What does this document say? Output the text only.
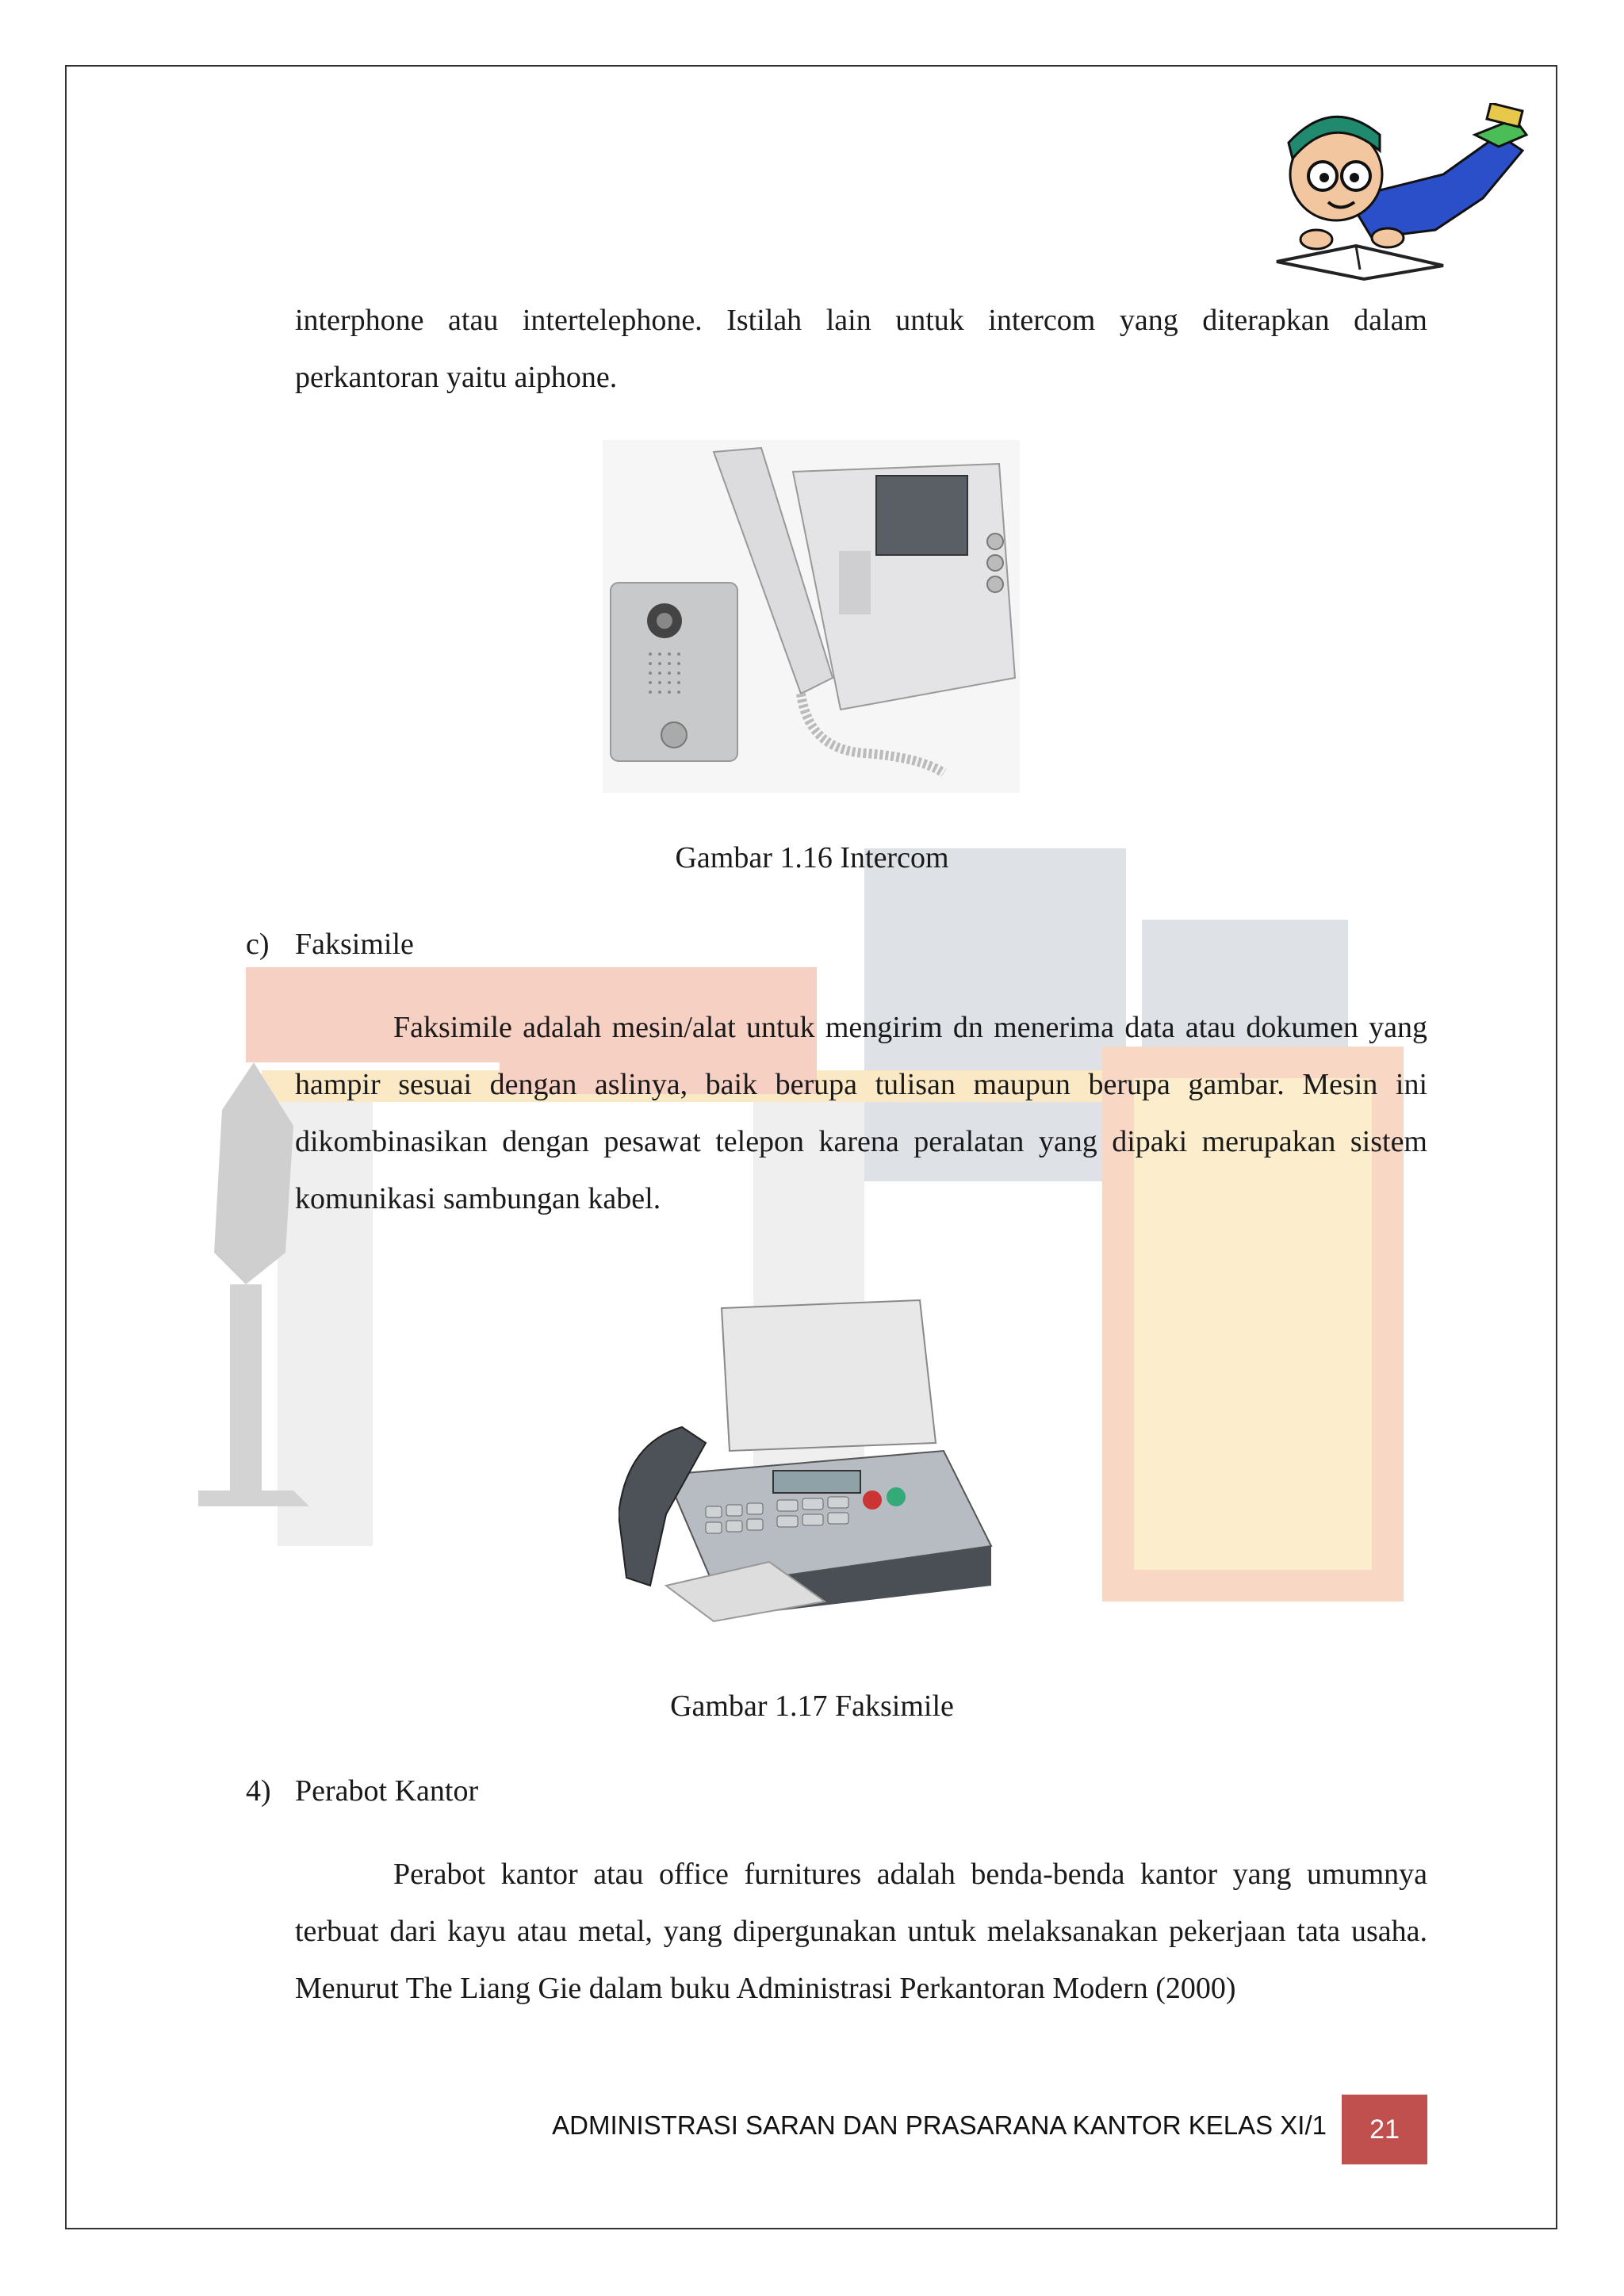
interphone atau intertelephone. Istilah lain untuk intercom yang diterapkan dalam

perkantoran yaitu aiphone.

Gambar 1.16 Intercom
c) Faksimile

Faksimile adalah mesin/alat untuk mengirim dn menerima data atau dokumen yang hampir sesuai dengan aslinya, baik berupa tulisan maupun berupa gambar. Mesin ini dikombinasikan dengan pesawat telepon karena peralatan yang dipaki merupakan sistem komunikasi sambungan kabel.

Gambar 1.17 Faksimile
4) Perabot Kantor

Perabot kantor atau office furnitures adalah benda-benda kantor yang umumnya terbuat dari kayu atau metal, yang dipergunakan untuk melaksanakan pekerjaan tata usaha. Menurut The Liang Gie dalam buku Administrasi Perkantoran Modern (2000)

ADMINISTRASI SARAN DAN PRASARANA KANTOR KELAS XI/1	21
